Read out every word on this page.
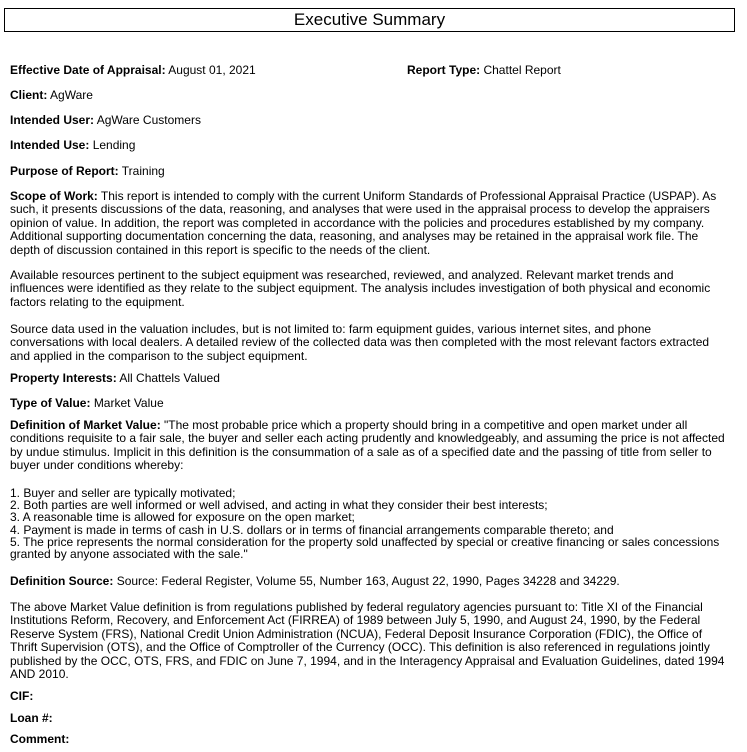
Executive Summary
Effective Date of Appraisal: August 01, 2021	Report Type: Chattel Report
Client: AgWare
Intended User: AgWare Customers
Intended Use: Lending
Purpose of Report: Training
Scope of Work: This report is intended to comply with the current Uniform Standards of Professional Appraisal Practice (USPAP). As
such, it presents discussions of the data, reasoning, and analyses that were used in the appraisal process to develop the appraisers
opinion of value. In addition, the report was completed in accordance with the policies and procedures established by my company.
Additional supporting documentation concerning the data, reasoning, and analyses may be retained in the appraisal work file. The
depth of discussion contained in this report is specific to the needs of the client.
Available resources pertinent to the subject equipment was researched, reviewed, and analyzed. Relevant market trends and
influences were identified as they relate to the subject equipment. The analysis includes investigation of both physical and economic
factors relating to the equipment.
Source data used in the valuation includes, but is not limited to: farm equipment guides, various internet sites, and phone
conversations with local dealers. A detailed review of the collected data was then completed with the most relevant factors extracted
and applied in the comparison to the subject equipment.
Property Interests: All Chattels Valued
Type of Value: Market Value
Definition of Market Value: "The most probable price which a property should bring in a competitive and open market under all
conditions requisite to a fair sale, the buyer and seller each acting prudently and knowledgeably, and assuming the price is not affected
by undue stimulus. Implicit in this definition is the consummation of a sale as of a specified date and the passing of title from seller to
buyer under conditions whereby:
1. Buyer and seller are typically motivated;
2. Both parties are well informed or well advised, and acting in what they consider their best interests;
3. A reasonable time is allowed for exposure on the open market;
4. Payment is made in terms of cash in U.S. dollars or in terms of financial arrangements comparable thereto; and
5. The price represents the normal consideration for the property sold unaffected by special or creative financing or sales concessions
granted by anyone associated with the sale."
Definition Source: Source: Federal Register, Volume 55, Number 163, August 22, 1990, Pages 34228 and 34229.
The above Market Value definition is from regulations published by federal regulatory agencies pursuant to: Title XI of the Financial
Institutions Reform, Recovery, and Enforcement Act (FIRREA) of 1989 between July 5, 1990, and August 24, 1990, by the Federal
Reserve System (FRS), National Credit Union Administration (NCUA), Federal Deposit Insurance Corporation (FDIC), the Office of
Thrift Supervision (OTS), and the Office of Comptroller of the Currency (OCC). This definition is also referenced in regulations jointly
published by the OCC, OTS, FRS, and FDIC on June 7, 1994, and in the Interagency Appraisal and Evaluation Guidelines, dated 1994
AND 2010.
CIF:
Loan #:
Comment:
